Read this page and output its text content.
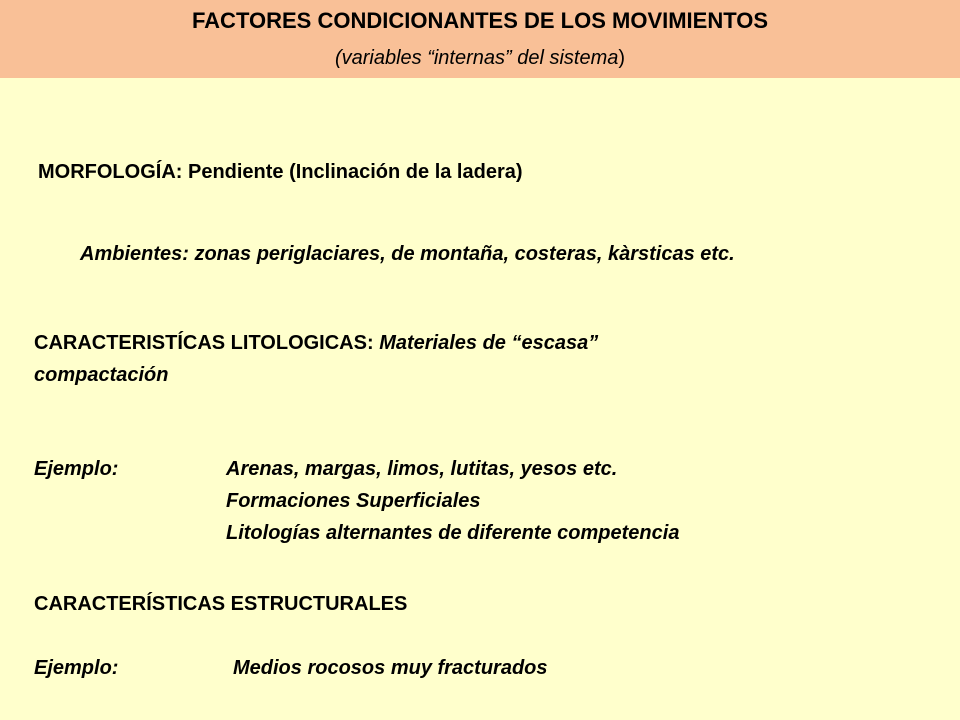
FACTORES CONDICIONANTES DE LOS MOVIMIENTOS
(variables “internas” del sistema)
MORFOLOGÍA: Pendiente (Inclinación de la ladera)
Ambientes: zonas periglaciares, de montaña, costeras, kàrsticas etc.
CARACTERISTÍCAS LITOLOGICAS: Materiales de “escasa”
compactación
Ejemplo:	Arenas, margas, limos, lutitas, yesos etc.
Formaciones Superficiales
Litologías alternantes de diferente competencia
CARACTERÍSTICAS ESTRUCTURALES
Ejemplo:	Medios rocosos muy fracturados
